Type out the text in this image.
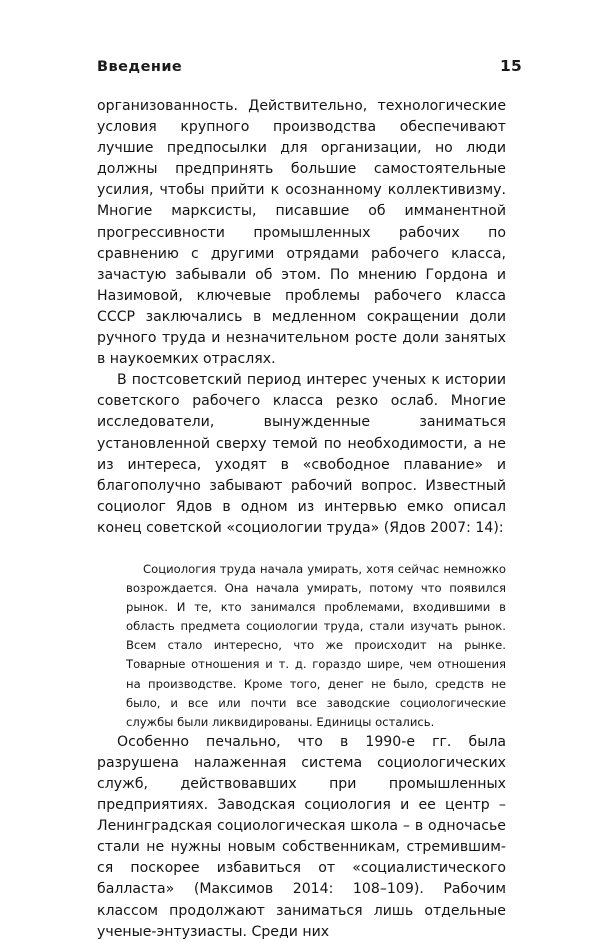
Введение	15

организованность. Действительно, технологические условия крупного производства обеспечивают лучшие предпосылки для организации, но люди должны предпринять большие самостоятельные усилия, чтобы прийти к осознанному коллективизму. Многие марксисты, писавшие об имманентной прогрессивности промышленных рабочих по сравнению с другими отрядами рабочего класса, зачастую забывали об этом. По мнению Гордона и Назимовой, ключевые проблемы рабочего класса СССР заключались в медленном сокращении доли ручного труда и незначительном росте доли занятых в наукоемких отраслях.

В постсоветский период интерес ученых к истории советского рабочего класса резко ослаб. Многие исследователи, вынужденные заниматься установленной сверху темой по необходимости, а не из интереса, уходят в «свободное плавание» и благополучно забывают рабочий вопрос. Известный социолог Ядов в одном из интервью емко описал конец советской «социологии труда» (Ядов 2007: 14):

Социология труда начала умирать, хотя сейчас немножко возрождается. Она начала умирать, потому что появился рынок. И те, кто занимался проблемами, входившими в область предмета социологии труда, стали изучать рынок. Всем стало интересно, что же происходит на рынке. Товарные отношения и т. д. гораздо шире, чем отношения на производстве. Кроме того, денег не было, средств не было, и все или почти все заводские социологические службы были ликвидированы. Единицы остались.

Особенно печально, что в 1990-е гг. была разрушена налаженная система социологических служб, действовавших при промышленных предприятиях. Заводская социология и ее центр – Ленинградская социологическая школа – в одночасье стали не нужны новым собственникам, стремившимся поскорее избавиться от «социалистического балласта» (Максимов 2014: 108–109). Рабочим классом продолжают заниматься лишь отдельные ученые-энтузиасты. Среди них
